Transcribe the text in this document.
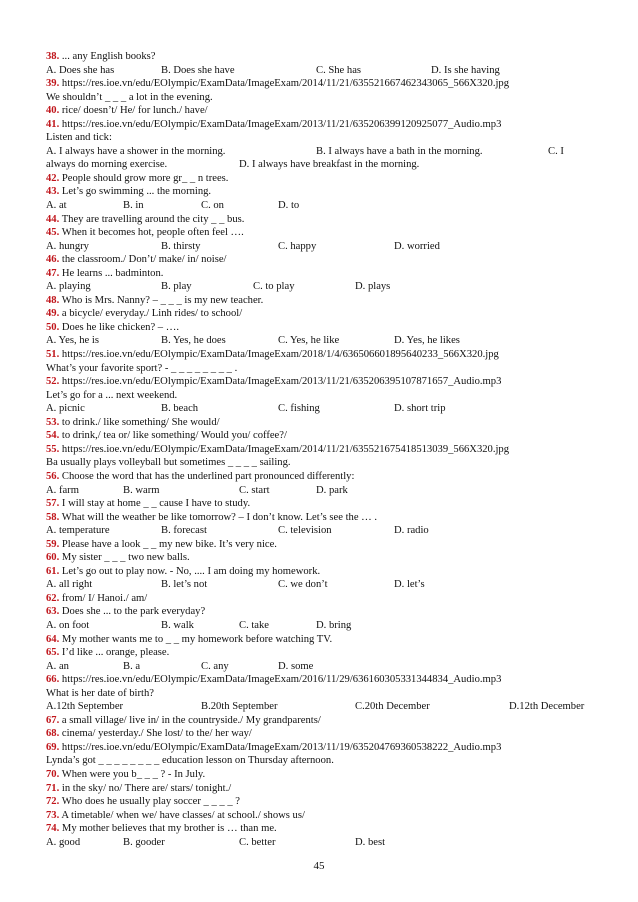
38. ... any English books?
A. Does she has	B. Does she have	C. She has	D. Is she having
39. https://res.ioe.vn/edu/EOlympic/ExamData/ImageExam/2014/11/21/635521667462343065_566X320.jpg
We shouldn’t _ _ _ a lot in the evening.
40. rice/ doesn’t/ He/ for lunch./ have/
41. https://res.ioe.vn/edu/EOlympic/ExamData/ImageExam/2013/11/21/635206399120925077_Audio.mp3
Listen and tick:
A. I always have a shower in the morning.	B. I always have a bath in the morning.	C. I
always do morning exercise.	D. I always have breakfast in the morning.
42. People should grow more gr_ _ n trees.
43. Let’s go swimming ... the morning.
A. at	B. in	C. on	D. to
44. They are travelling around the city _ _ bus.
45. When it becomes hot, people often feel ….
A. hungry	B. thirsty	C. happy	D. worried
46. the classroom./ Don’t/ make/ in/ noise/
47. He learns ... badminton.
A. playing	B. play	C. to play	D. plays
48. Who is Mrs. Nanny? – _ _ _ is my new teacher.
49. a bicycle/ everyday./ Linh rides/ to school/
50. Does he like chicken? – ….
A. Yes, he is	B. Yes, he does	C. Yes, he like	D. Yes, he likes
51. https://res.ioe.vn/edu/EOlympic/ExamData/ImageExam/2018/1/4/636506601895640233_566X320.jpg
What’s your favorite sport? - _ _ _ _ _ _ _ _ .
52. https://res.ioe.vn/edu/EOlympic/ExamData/ImageExam/2013/11/21/635206395107871657_Audio.mp3
Let’s go for a ... next weekend.
A. picnic	B. beach	C. fishing	D. short trip
53. to drink./ like something/ She would/
54. to drink,/ tea or/ like something/ Would you/ coffee?/
55. https://res.ioe.vn/edu/EOlympic/ExamData/ImageExam/2014/11/21/635521675418513039_566X320.jpg
Ba usually plays volleyball but sometimes _ _ _ _ sailing.
56. Choose the word that has the underlined part pronounced differently:
A. farm	B. warm	C. start	D. park
57. I will stay at home _ _ cause I have to study.
58. What will the weather be like tomorrow? – I don’t know. Let’s see the … .
A. temperature	B. forecast	C. television	D. radio
59. Please have a look _ _ my new bike. It’s very nice.
60. My sister _ _ _ two new balls.
61. Let’s go out to play now. - No, .... I am doing my homework.
A. all right	B. let’s not	C. we don’t	D. let’s
62. from/ I/ Hanoi./ am/
63. Does she ... to the park everyday?
A. on foot	B. walk	C. take	D. bring
64. My mother wants me to _ _ my homework before watching TV.
65. I’d like ... orange, please.
A. an	B. a	C. any	D. some
66. https://res.ioe.vn/edu/EOlympic/ExamData/ImageExam/2016/11/29/636160305331344834_Audio.mp3
What is her date of birth?
A.12th September	B.20th September	C.20th December	D.12th December
67. a small village/ live in/ in the countryside./ My grandparents/
68. cinema/ yesterday./ She lost/ to the/ her way/
69. https://res.ioe.vn/edu/EOlympic/ExamData/ImageExam/2013/11/19/635204769360538222_Audio.mp3
Lynda’s got _ _ _ _ _ _ _ _ education lesson on Thursday afternoon.
70. When were you b_ _ _ ? - In July.
71. in the sky/ no/ There are/ stars/ tonight./
72. Who does he usually play soccer _ _ _ _ ?
73. A timetable/ when we/ have classes/ at school./ shows us/
74. My mother believes that my brother is … than me.
A. good	B. gooder	C. better	D. best
45
